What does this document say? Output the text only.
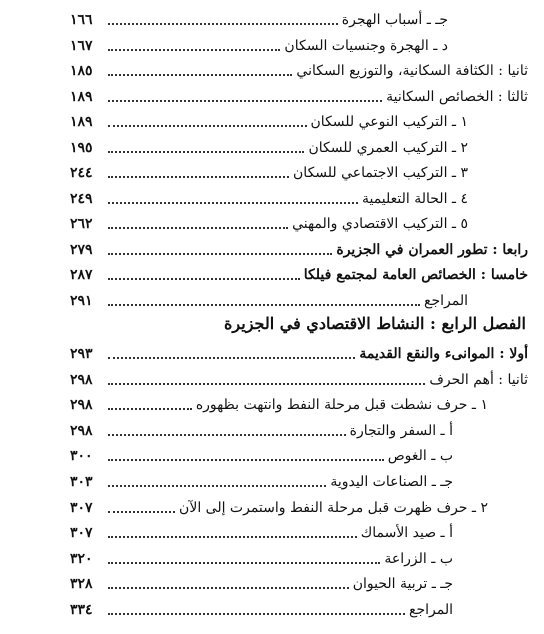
جـ ـ أسباب الهجرة
١٦٦
د ـ الهجرة وجنسيات السكان
١٦٧
ثانيا : الكثافة السكانية، والتوزيع السكاني
١٨٥
ثالثا : الخصائص السكانية
١٨٩
١ ـ التركيب النوعي للسكان
١٨٩
٢ ـ التركيب العمري للسكان
١٩٥
٣ ـ التركيب الاجتماعي للسكان
٢٤٤
٤ ـ الحالة التعليمية
٢٤٩
٥ ـ التركيب الاقتصادي والمهني
٢٦٢
رابعا : تطور العمران في الجزيرة
٢٧٩
خامسا : الخصائص العامة لمجتمع فيلكا
٢٨٧
المراجع
٢٩١
الفصل الرابع : النشاط الاقتصادي في الجزيرة
أولا : الموانىء والنقع القديمة
٢٩٣
ثانيا : أهم الحرف
٢٩٨
١ ـ حرف نشطت قبل مرحلة النفط وانتهت بظهوره
٢٩٨
أ ـ السفر والتجارة
٢٩٨
ب ـ الغوص
٣٠٠
جـ ـ الصناعات اليدوية
٣٠٣
٢ ـ حرف ظهرت قبل مرحلة النفط واستمرت إلى الآن
٣٠٧
أ ـ صيد الأسماك
٣٠٧
ب ـ الزراعة
٣٢٠
جـ ـ تربية الحيوان
٣٢٨
المراجع
٣٣٤
